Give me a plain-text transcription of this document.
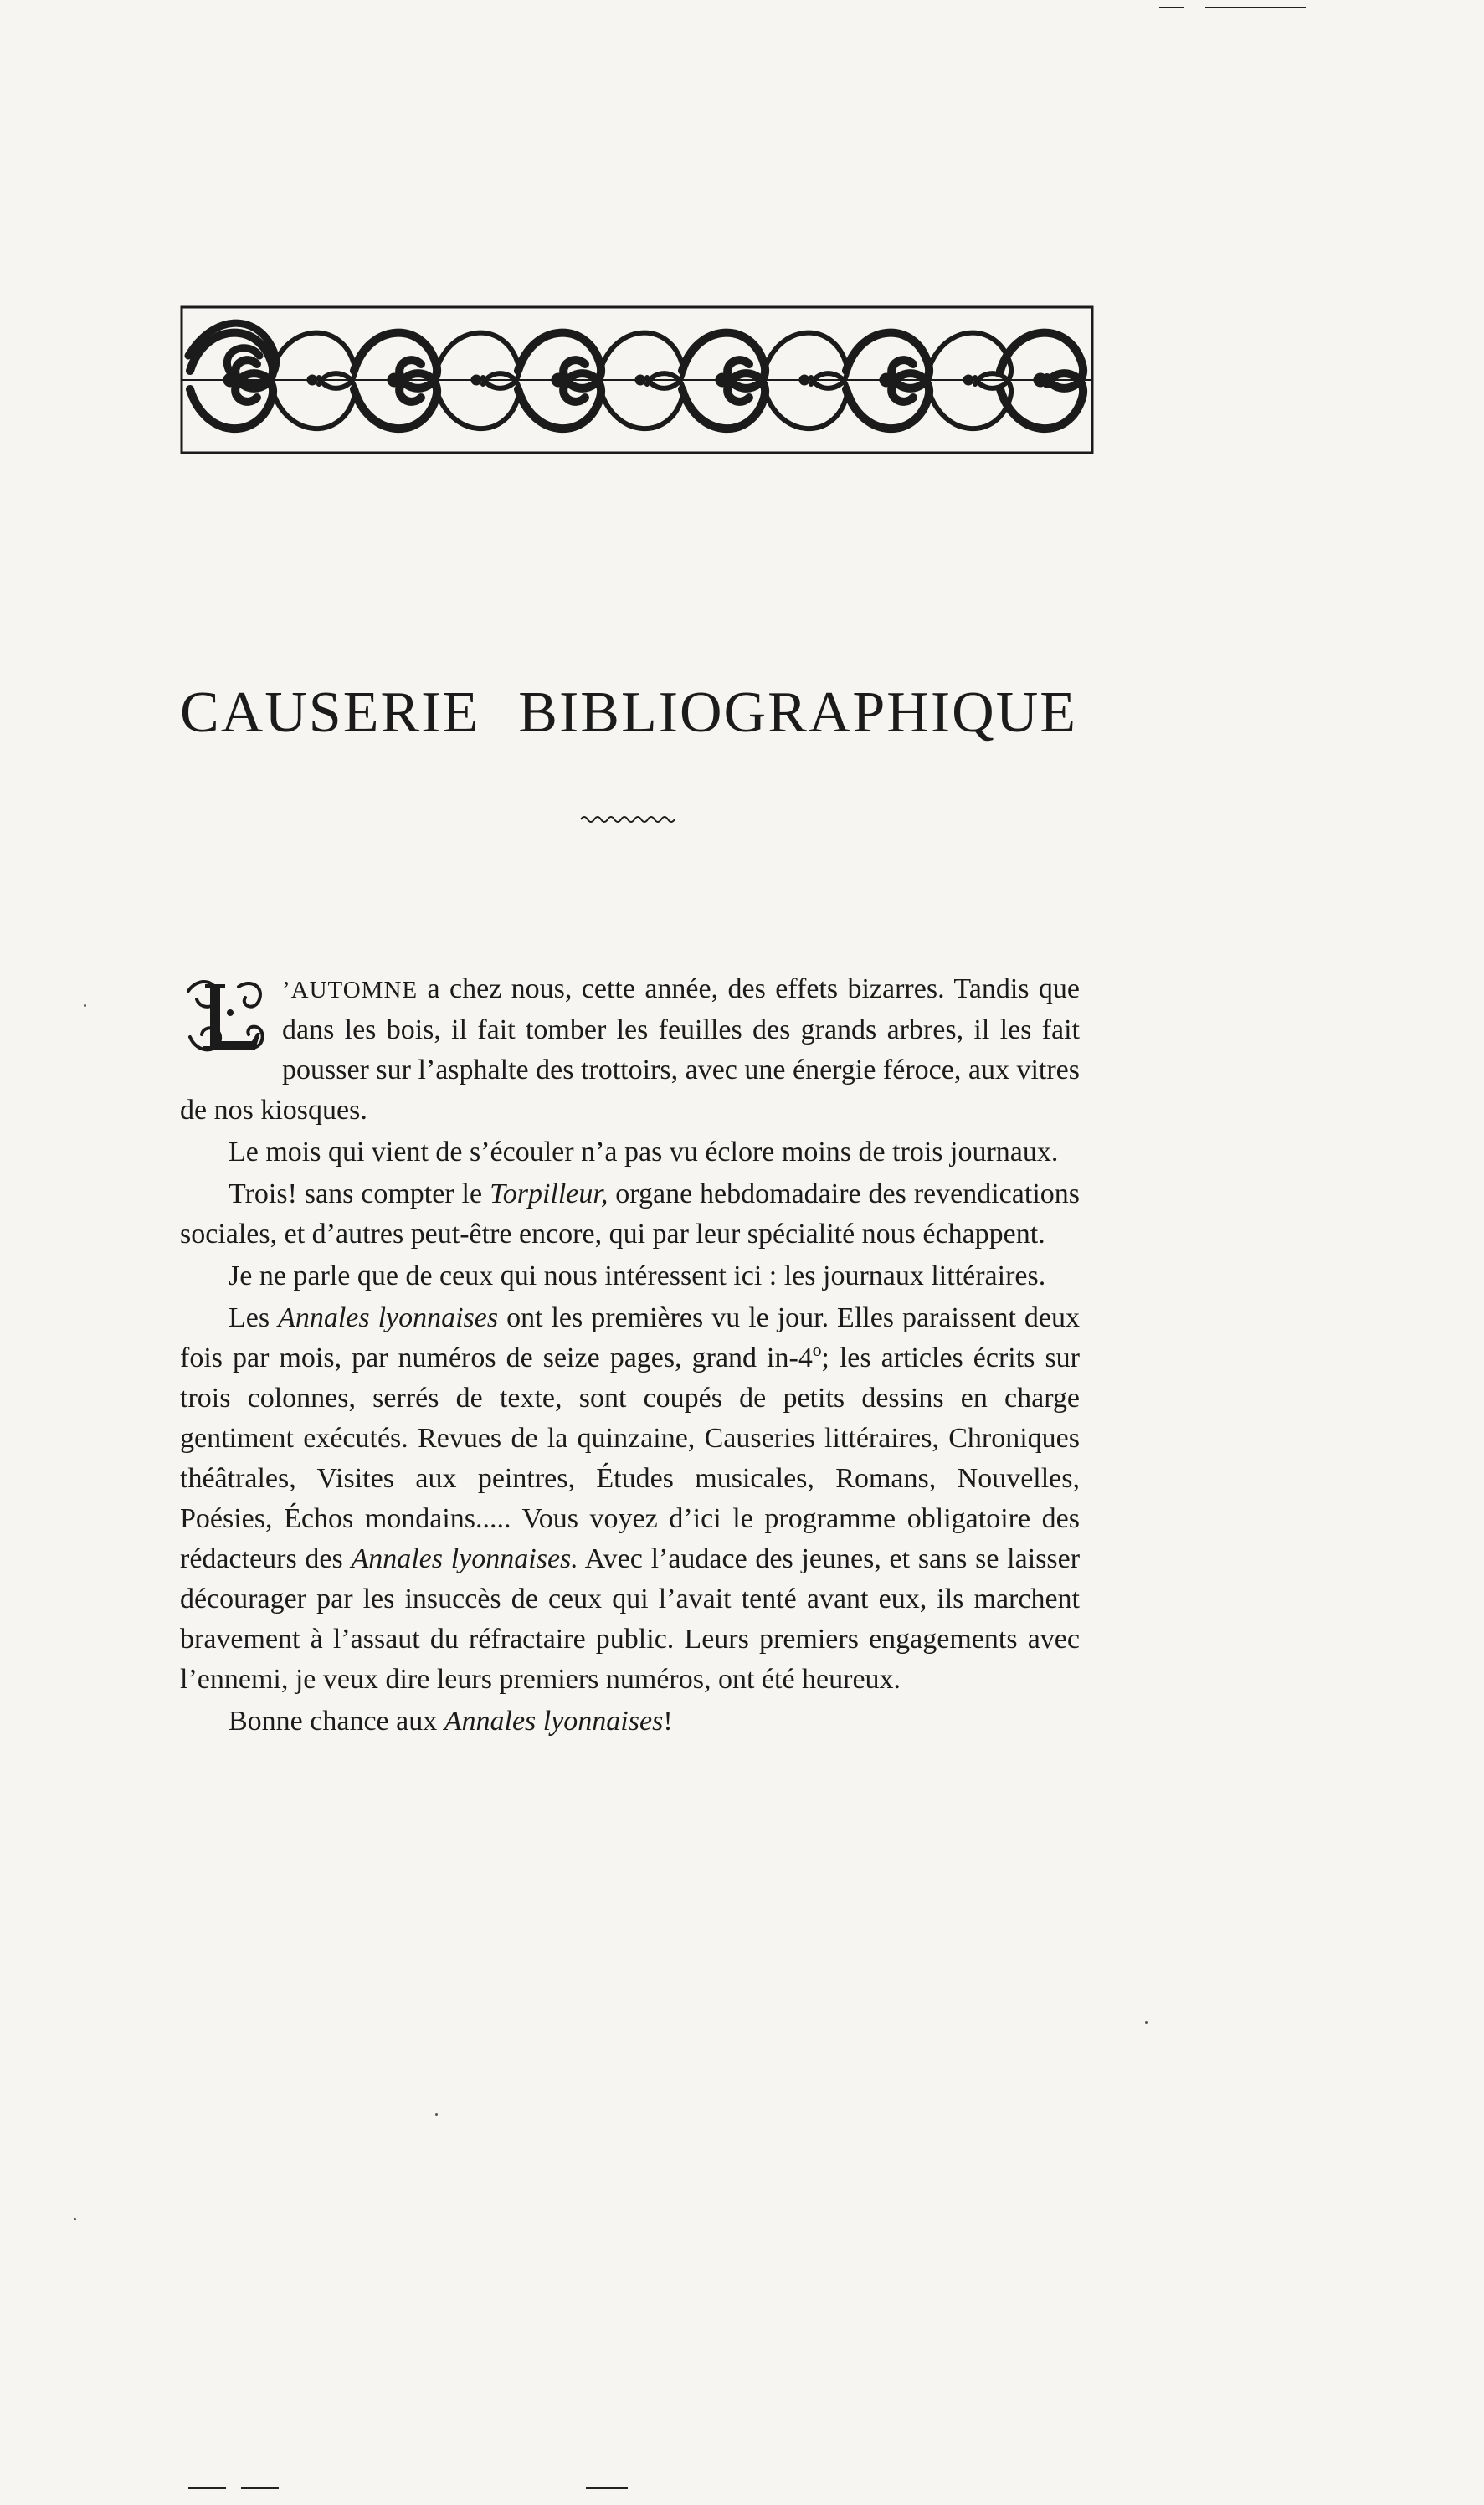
CAUSERIE BIBLIOGRAPHIQUE

’AUTOMNE a chez nous, cette année, des effets bizarres. Tandis que dans les bois, il fait tomber les feuilles des grands arbres, il les fait pousser sur l’asphalte des trottoirs, avec une énergie féroce, aux vitres de nos kiosques.

Le mois qui vient de s’écouler n’a pas vu éclore moins de trois journaux.

Trois! sans compter le Torpilleur, organe hebdomadaire des revendications sociales, et d’autres peut-être encore, qui par leur spécialité nous échappent.

Je ne parle que de ceux qui nous intéressent ici : les journaux littéraires.

Les Annales lyonnaises ont les premières vu le jour. Elles paraissent deux fois par mois, par numéros de seize pages, grand in-4º; les articles écrits sur trois colonnes, serrés de texte, sont coupés de petits dessins en charge gentiment exécutés. Revues de la quinzaine, Causeries littéraires, Chroniques théâtrales, Visites aux peintres, Études musicales, Romans, Nouvelles, Poésies, Échos mondains..... Vous voyez d’ici le programme obligatoire des rédacteurs des Annales lyonnaises. Avec l’audace des jeunes, et sans se laisser décourager par les insuccès de ceux qui l’avait tenté avant eux, ils marchent bravement à l’assaut du réfractaire public. Leurs premiers engagements avec l’ennemi, je veux dire leurs premiers numéros, ont été heureux.

Bonne chance aux Annales lyonnaises!
